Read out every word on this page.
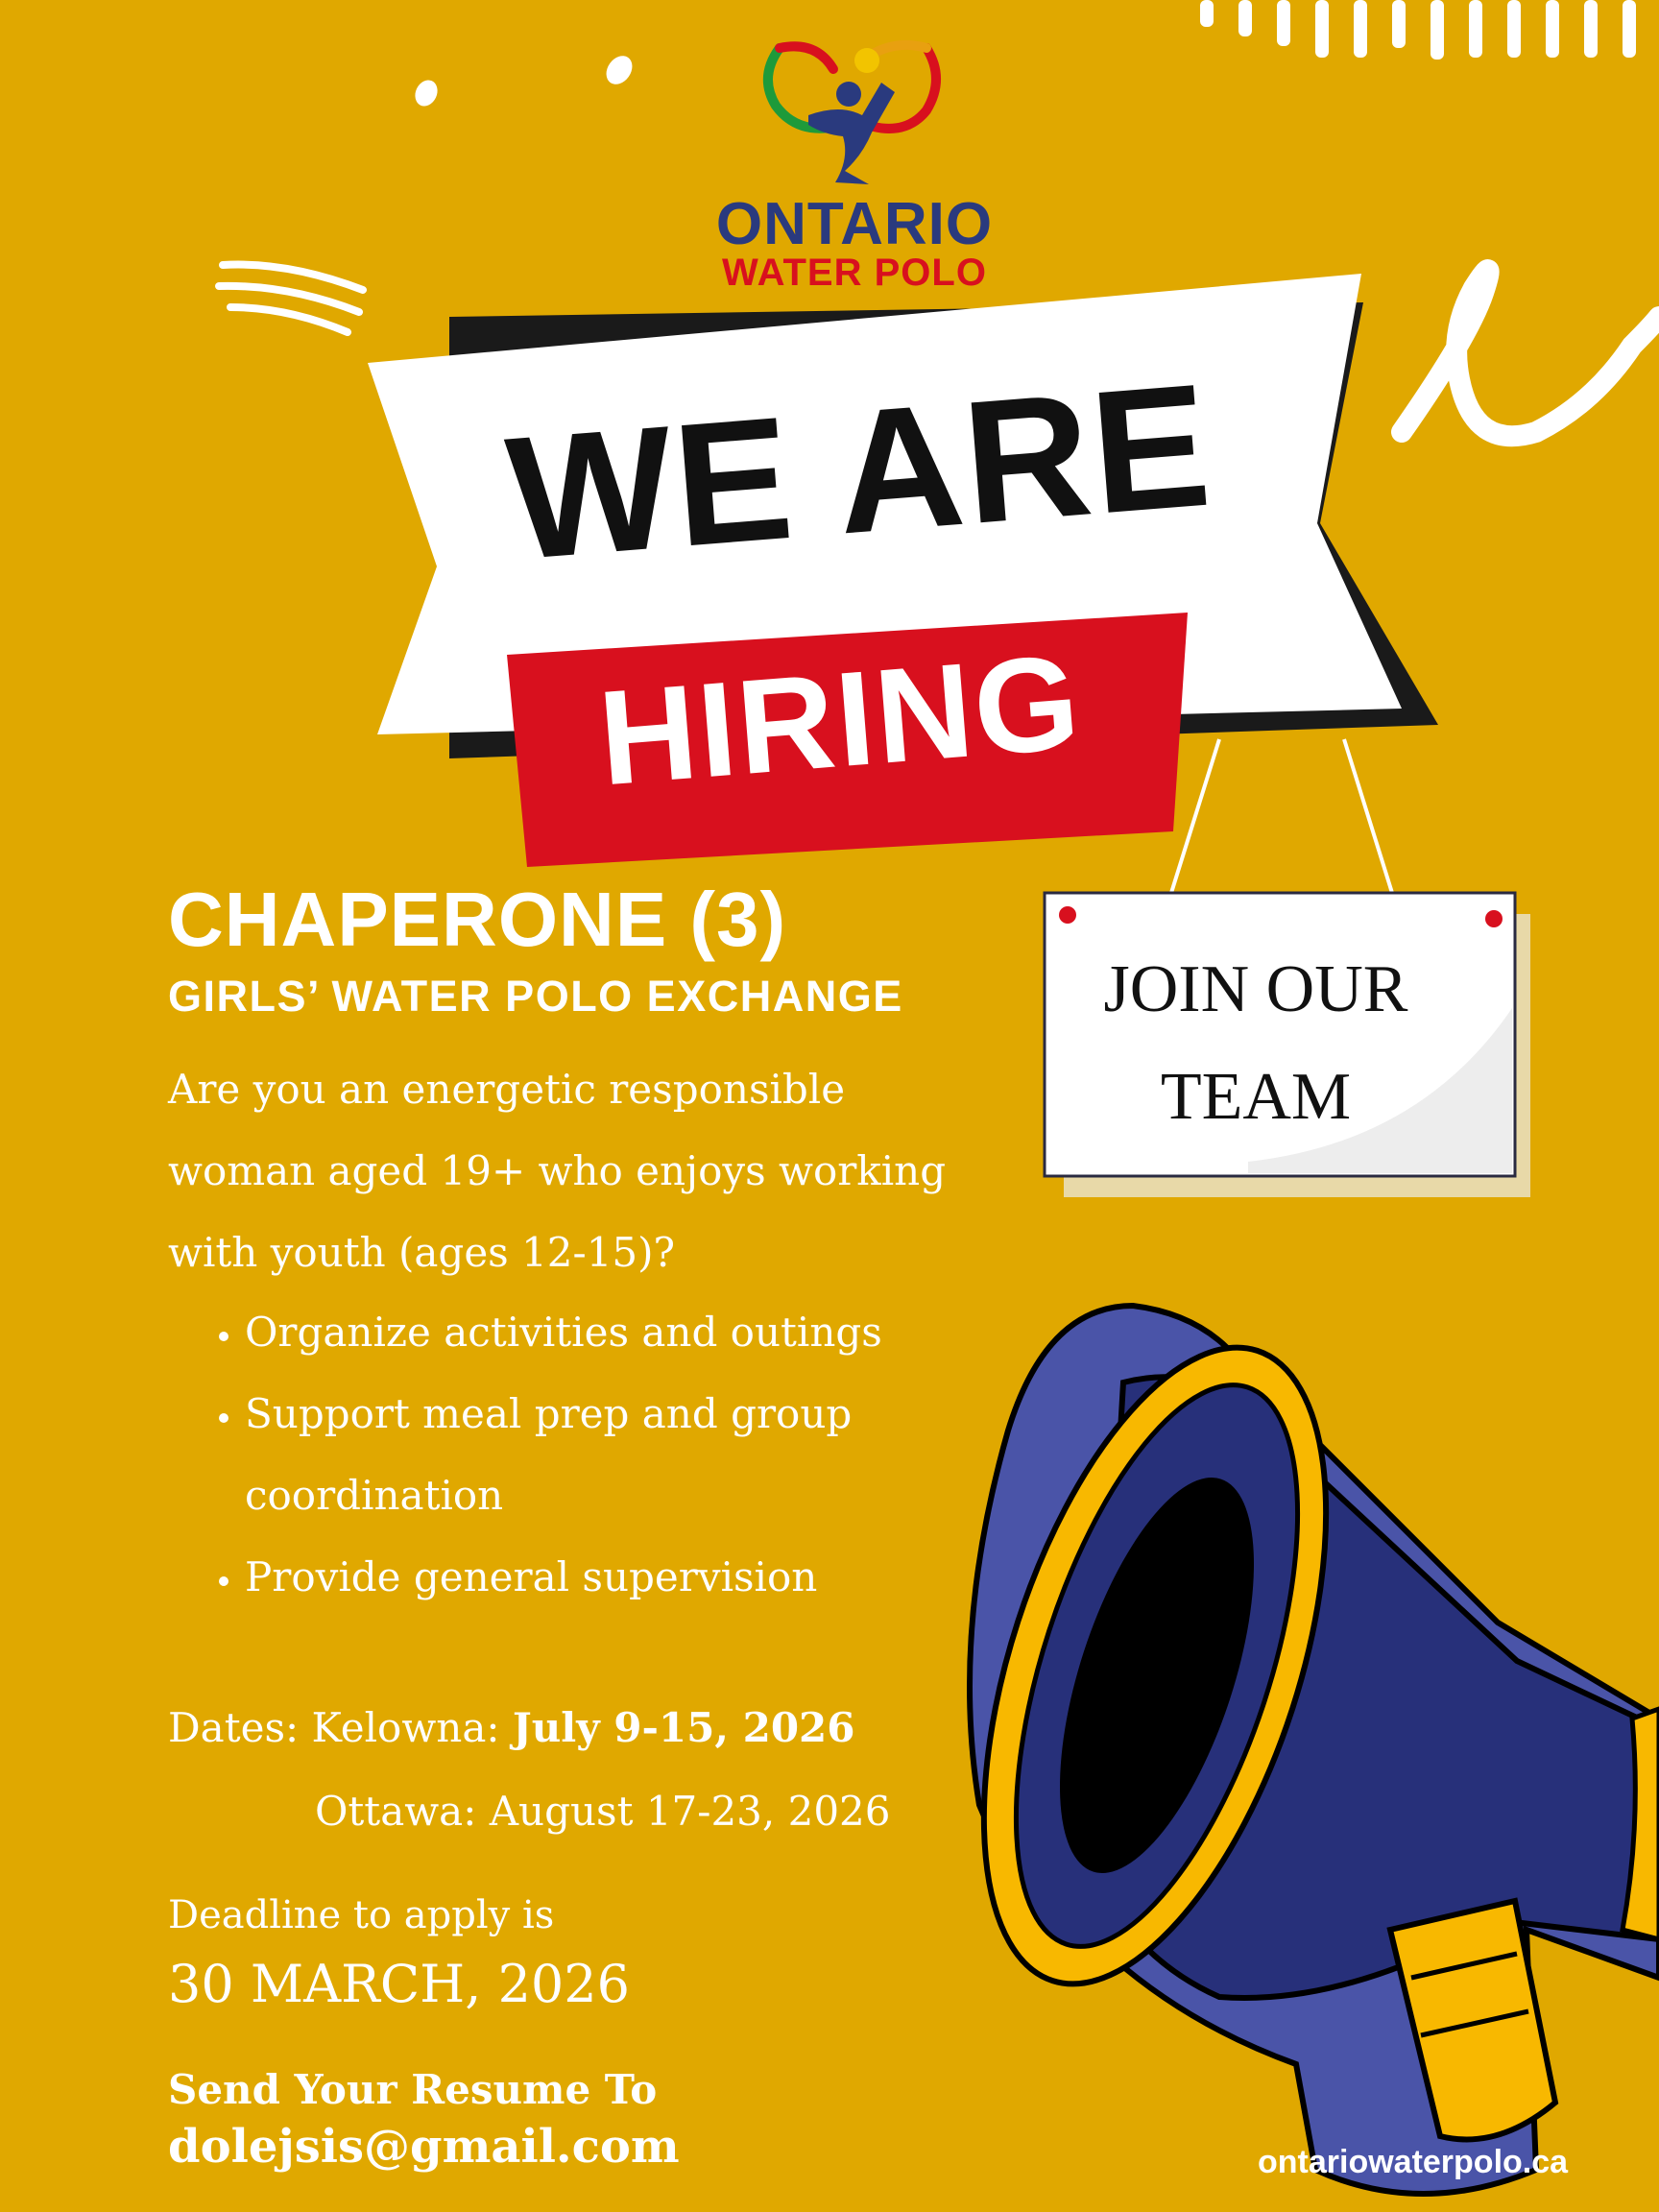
ONTARIO
WATER POLO
WE ARE
HIRING
JOIN OUR
TEAM
CHAPERONE (3)
GIRLS’ WATER POLO EXCHANGE
Are you an energetic responsible woman aged 19+ who enjoys working with youth (ages 12-15)?
• Organize activities and outings
• Support meal prep and group coordination
• Provide general supervision
Dates: Kelowna: July 9-15, 2026
Ottawa: August 17-23, 2026
Deadline to apply is
30 MARCH, 2026
Send Your Resume To
dolejsis@gmail.com	ontariowaterpolo.ca
